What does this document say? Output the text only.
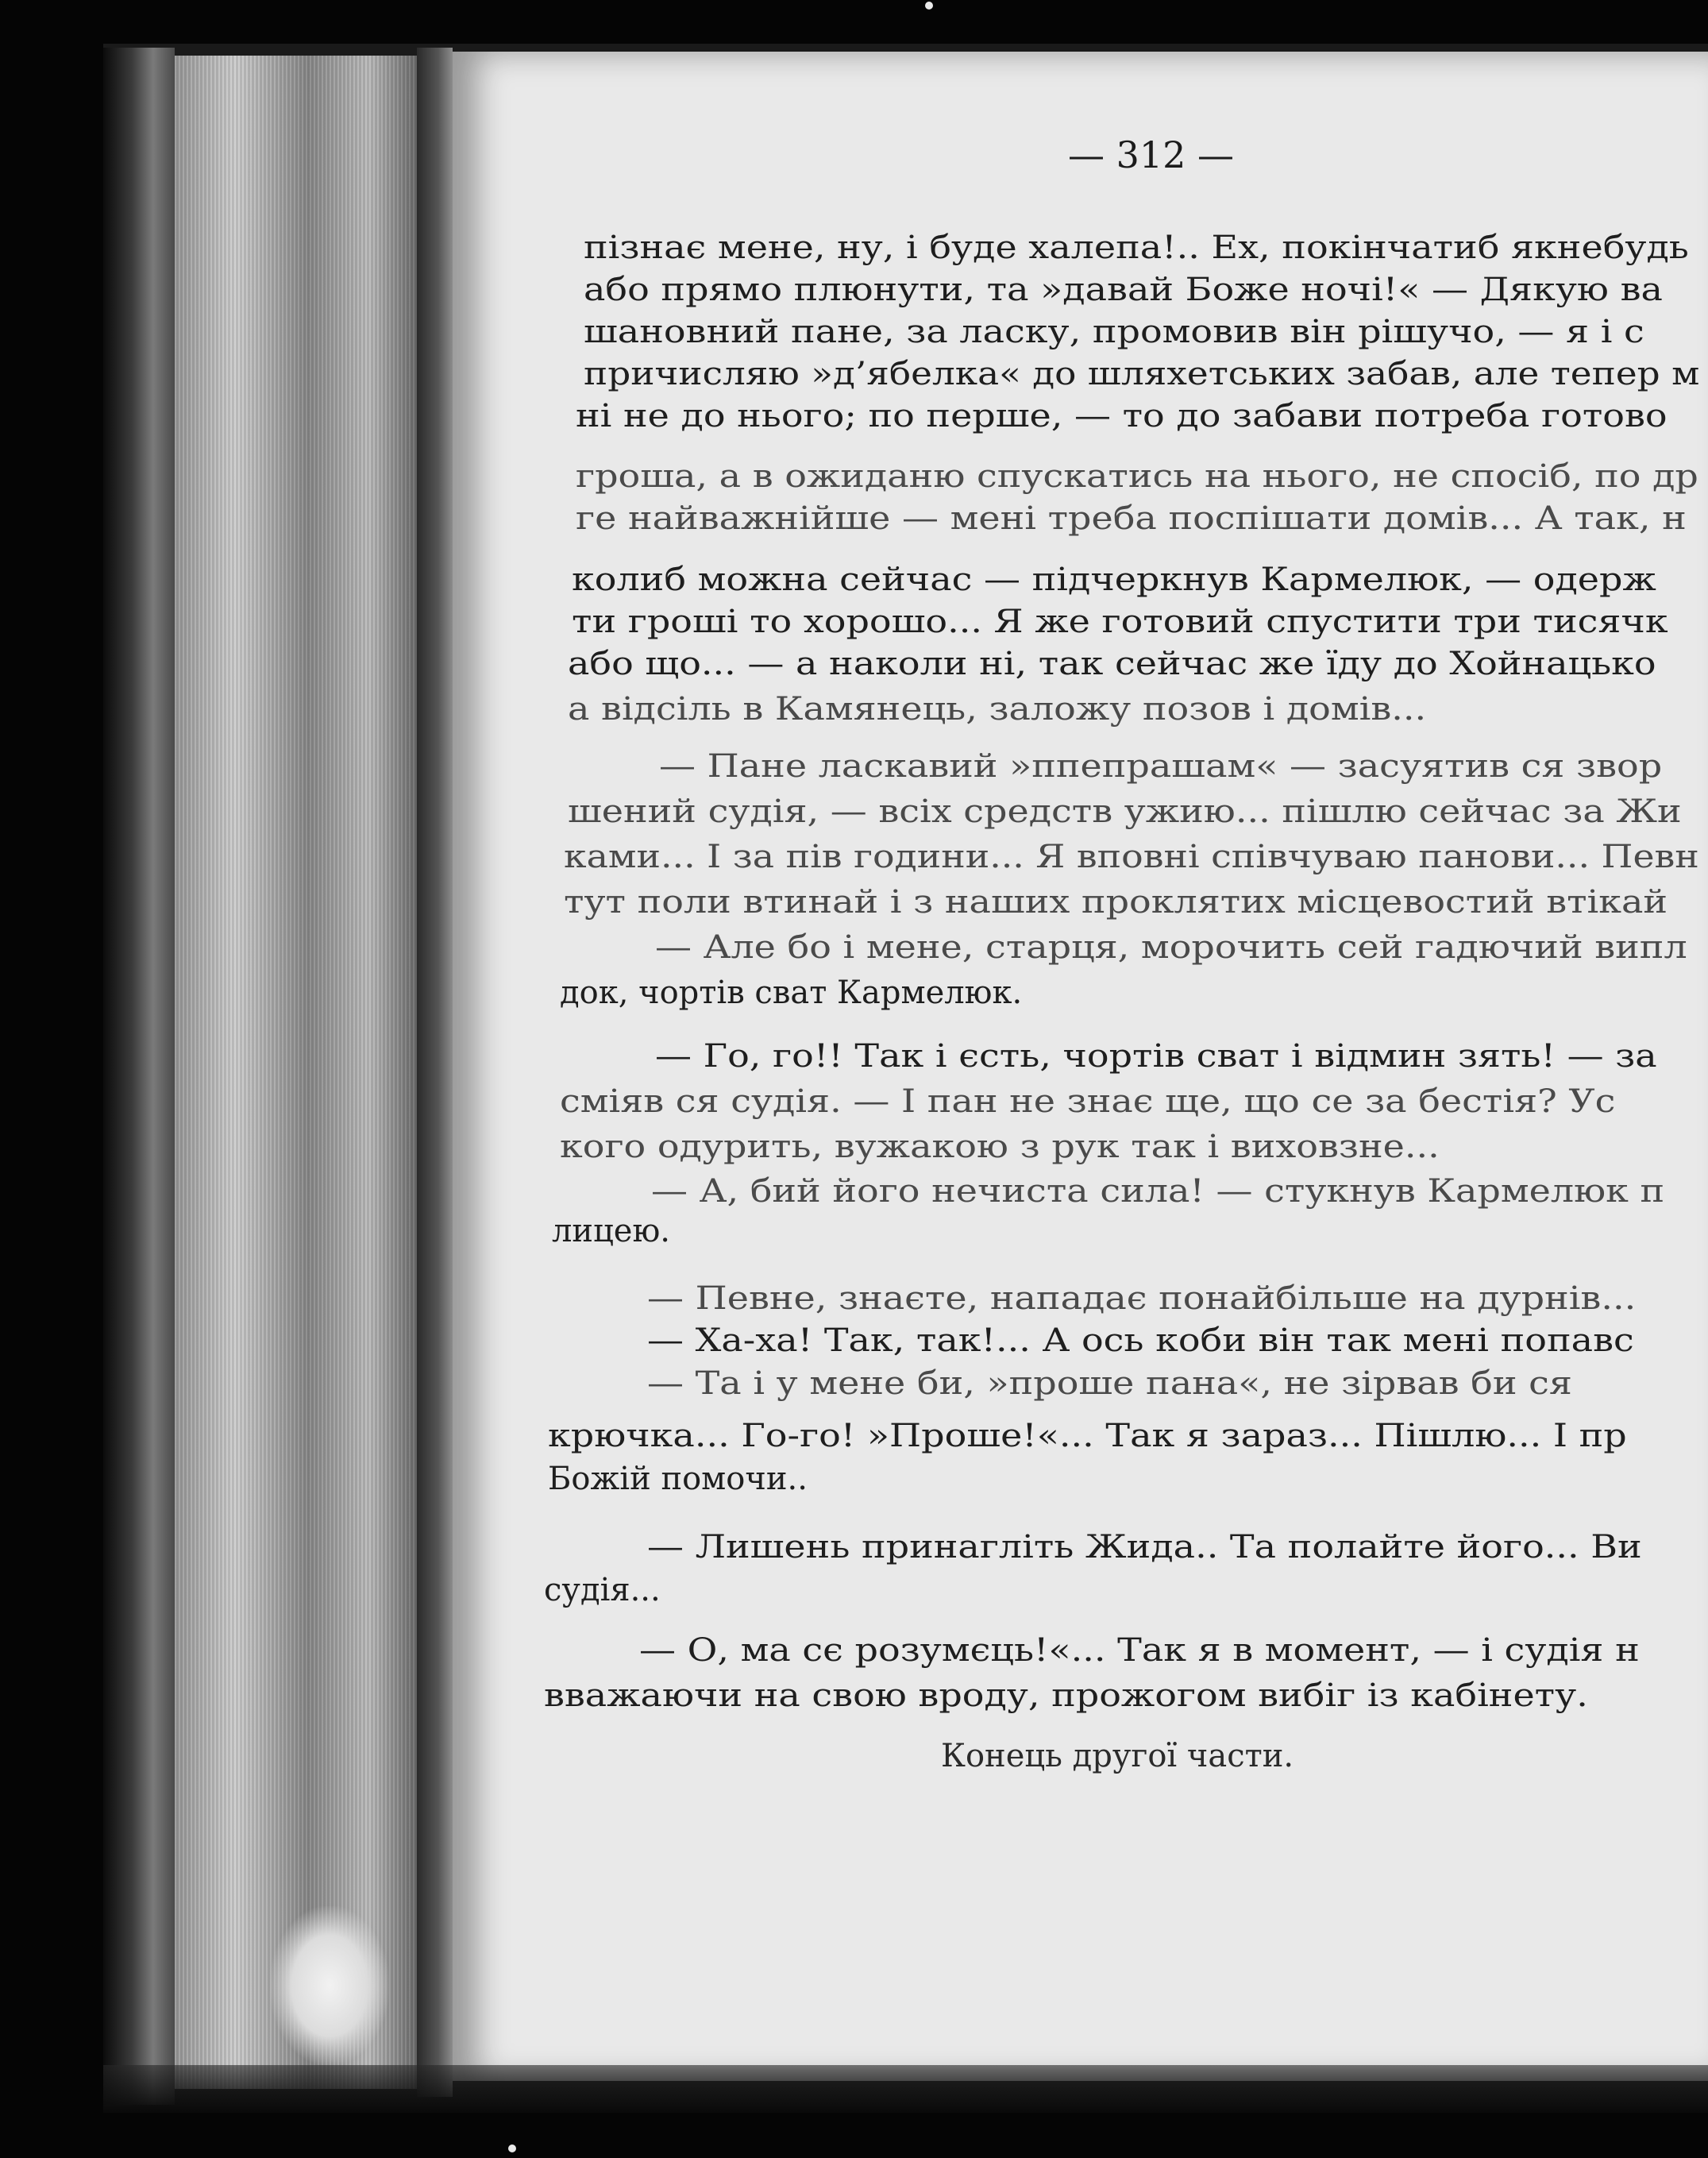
— 312 —
пізнає мене, ну, і буде халепа!.. Ех, покінчатиб якнебудь
або прямо плюнути, та »давай Боже ночі!« — Дякую ва
шановний пане, за ласку, промовив він рішучо, — я і с
причисляю »д’ябелка« до шляхетських забав, але тепер м
ні не до нього; по перше, — то до забави потреба готово
гроша, а в ожиданю спускатись на нього, не спосіб, по др
ге найважнійше — мені треба поспішати домів... А так, н
колиб можна сейчас — підчеркнув Кармелюк, — одерж
ти гроші то хорошо... Я же готовий спустити три тисячк
або що... — а наколи ні, так сейчас же їду до Хойнацько
а відсіль в Камянець, заложу позов і домів...
— Пане ласкавий »ппепрашам« — засуятив ся звор
шений судія, — всіх средств ужию... пішлю сейчас за Жи
ками... І за пів години... Я вповні співчуваю панови... Певн
тут поли втинай і з наших проклятих місцевостий втікай
— Але бо і мене, старця, морочить сей гадючий випл
док, чортів сват Кармелюк.
— Го, го!! Так і єсть, чортів сват і відмин зять! — за
сміяв ся судія. — І пан не знає ще, що се за бестія? Ус
кого одурить, вужакою з рук так і виховзне...
— А, бий його нечиста сила! — стукнув Кармелюк п
лицею.
— Певне, знаєте, нападає понайбільше на дурнів...
— Ха-ха! Так, так!... А ось коби він так мені попавс
— Та і у мене би, »проше пана«, не зірвав би ся
крючка... Го-го! »Проше!«... Так я зараз... Пішлю... І пр
Божій помочи..
— Лишень принагліть Жида.. Та полайте його... Ви
судія...
— О, ма сє розумєць!«... Так я в момент, — і судія н
вважаючи на свою вроду, прожогом вибіг із кабінету.
Конець другої части.
